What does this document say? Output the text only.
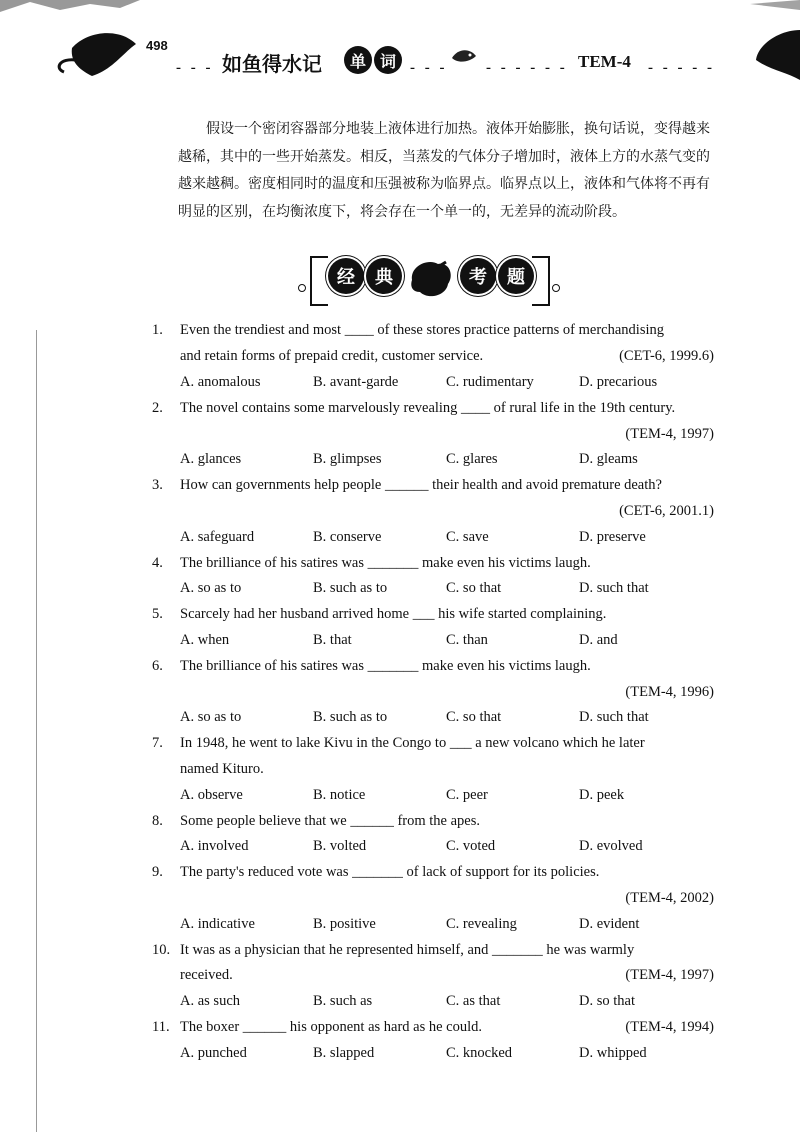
498
- - - 如鱼得水记	单 词 - - -	- - - - - - TEM-4 - - - - -

假设一个密闭容器部分地装上液体进行加热。液体开始膨胀，换句话说，变得越来越稀，其中的一些开始蒸发。相反，当蒸发的气体分子增加时，液体上方的水蒸气变的越来越稠。密度相同时的温度和压强被称为临界点。临界点以上，液体和气体将不再有明显的区别，在均衡浓度下，将会存在一个单一的，无差异的流动阶段。

经	典	考	题
1.	Even the trendiest and most ____ of these stores practice patterns of merchandising
and retain forms of prepaid credit, customer service.	(CET-6, 1999.6)
A. anomalous	B. avant-garde	C. rudimentary	D. precarious
2.	The novel contains some marvelously revealing ____ of rural life in the 19th century.
(TEM-4, 1997)
A. glances	B. glimpses	C. glares	D. gleams
3.	How can governments help people ______ their health and avoid premature death?
(CET-6, 2001.1)
A. safeguard	B. conserve	C. save	D. preserve
4.	The brilliance of his satires was _______ make even his victims laugh.
A. so as to	B. such as to	C. so that	D. such that
5.	Scarcely had her husband arrived home ___ his wife started complaining.
A. when	B. that	C. than	D. and
6.	The brilliance of his satires was _______ make even his victims laugh.
(TEM-4, 1996)
A. so as to	B. such as to	C. so that	D. such that
7.	In 1948, he went to lake Kivu in the Congo to ___ a new volcano which he later
named Kituro.
A. observe	B. notice	C. peer	D. peek
8.	Some people believe that we ______ from the apes.
A. involved	B. volted	C. voted	D. evolved
9.	The party's reduced vote was _______ of lack of support for its policies.
(TEM-4, 2002)
A. indicative	B. positive	C. revealing	D. evident
10. It was as a physician that he represented himself, and _______ he was warmly
received.	(TEM-4, 1997)
A. as such	B. such as	C. as that	D. so that
11. The boxer ______ his opponent as hard as he could.	(TEM-4, 1994)
A. punched	B. slapped	C. knocked	D. whipped
